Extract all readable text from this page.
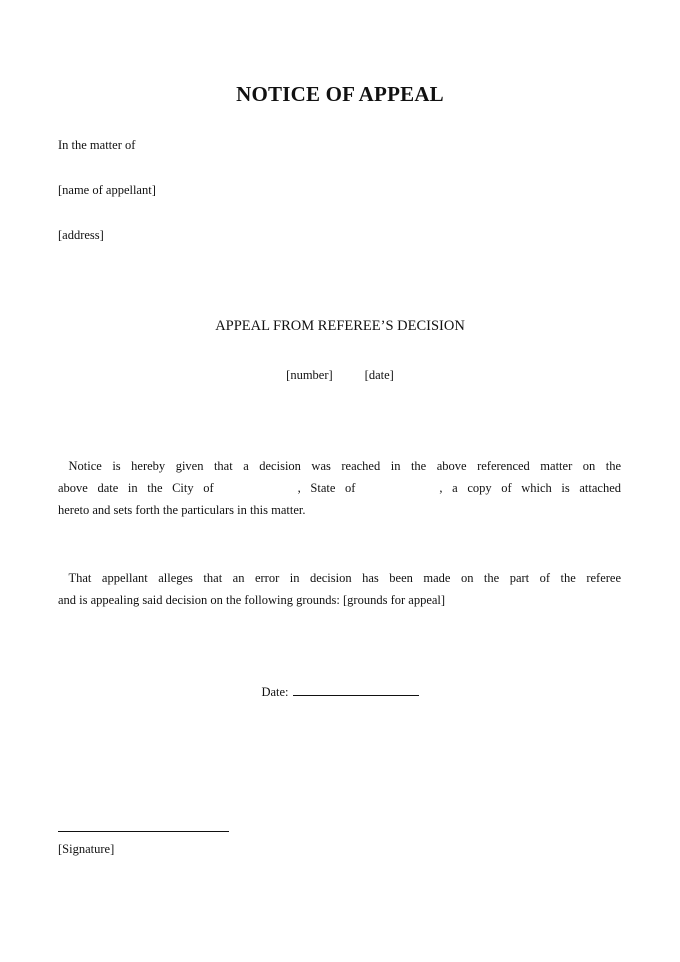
NOTICE OF APPEAL
In the matter of
[name of appellant]
[address]
APPEAL FROM REFEREE’S DECISION
[number]	[date]
Notice is hereby given that a decision was reached in the above referenced matter on the
above date in the City of	, State of	, a copy of which is attached
hereto and sets forth the particulars in this matter.
That appellant alleges that an error in decision has been made on the part of the referee
and is appealing said decision on the following grounds: [grounds for appeal]
Date:
[Signature]
